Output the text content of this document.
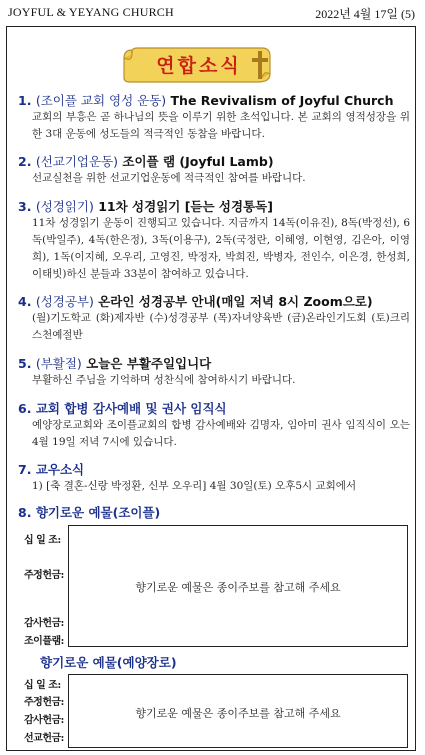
JOYFUL & YEYANG CHURCH	2022년 4월 17일 (5)
연합소식
1. (조이플 교회 영성 운동) The Revivalism of Joyful Church
교회의 부흥은 곧 하나님의 뜻을 이루기 위한 초석입니다. 본 교회의 영적성장을 위한 3대 운동에 성도들의 적극적인 동참을 바랍니다.
2. (선교기업운동) 조이플 램 (Joyful Lamb)
선교실천을 위한 선교기업운동에 적극적인 참여를 바랍니다.
3. (성경읽기) 11차 성경읽기 [듣는 성경통독]
11차 성경읽기 운동이 진행되고 있습니다. 지금까지 14독(이유진), 8독(박정선), 6독(박일주), 4독(한은정), 3독(이용구), 2독(국정란, 이혜영, 이현영, 김은아, 이영희), 1독(이지혜, 오우리, 고영진, 박정자, 박희진, 박병자, 전인수, 이은경, 한성희, 이태빗)하신 분들과 33분이 참여하고 있습니다.
4. (성경공부) 온라인 성경공부 안내(매일 저녁 8시 Zoom으로)
(월)기도학교 (화)제자반 (수)성경공부 (목)자녀양육반 (금)온라인기도회 (토)크리스천예절반
5. (부활절) 오늘은 부활주일입니다
부활하신 주님을 기억하며 성찬식에 참여하시기 바랍니다.
6. 교회 합병 감사예배 및 권사 임직식
예양장로교회와 조이플교회의 합병 감사예배와 김명자, 임아미 권사 임직식이 오는 4월 19일 저녁 7시에 있습니다.
7. 교우소식
1) [축 결혼-신랑 박정환, 신부 오우리] 4월 30일(토) 오후5시 교회에서
8. 향기로운 예물(조이플)
십 일 조:
주정헌금:
감사헌금:
조이플램:
향기로운 예물은 종이주보를 참고해 주세요
향기로운 예물(예양장로)
십 일 조:
주정헌금:
감사헌금:
선교헌금:
향기로운 예물은 종이주보를 참고해 주세요
